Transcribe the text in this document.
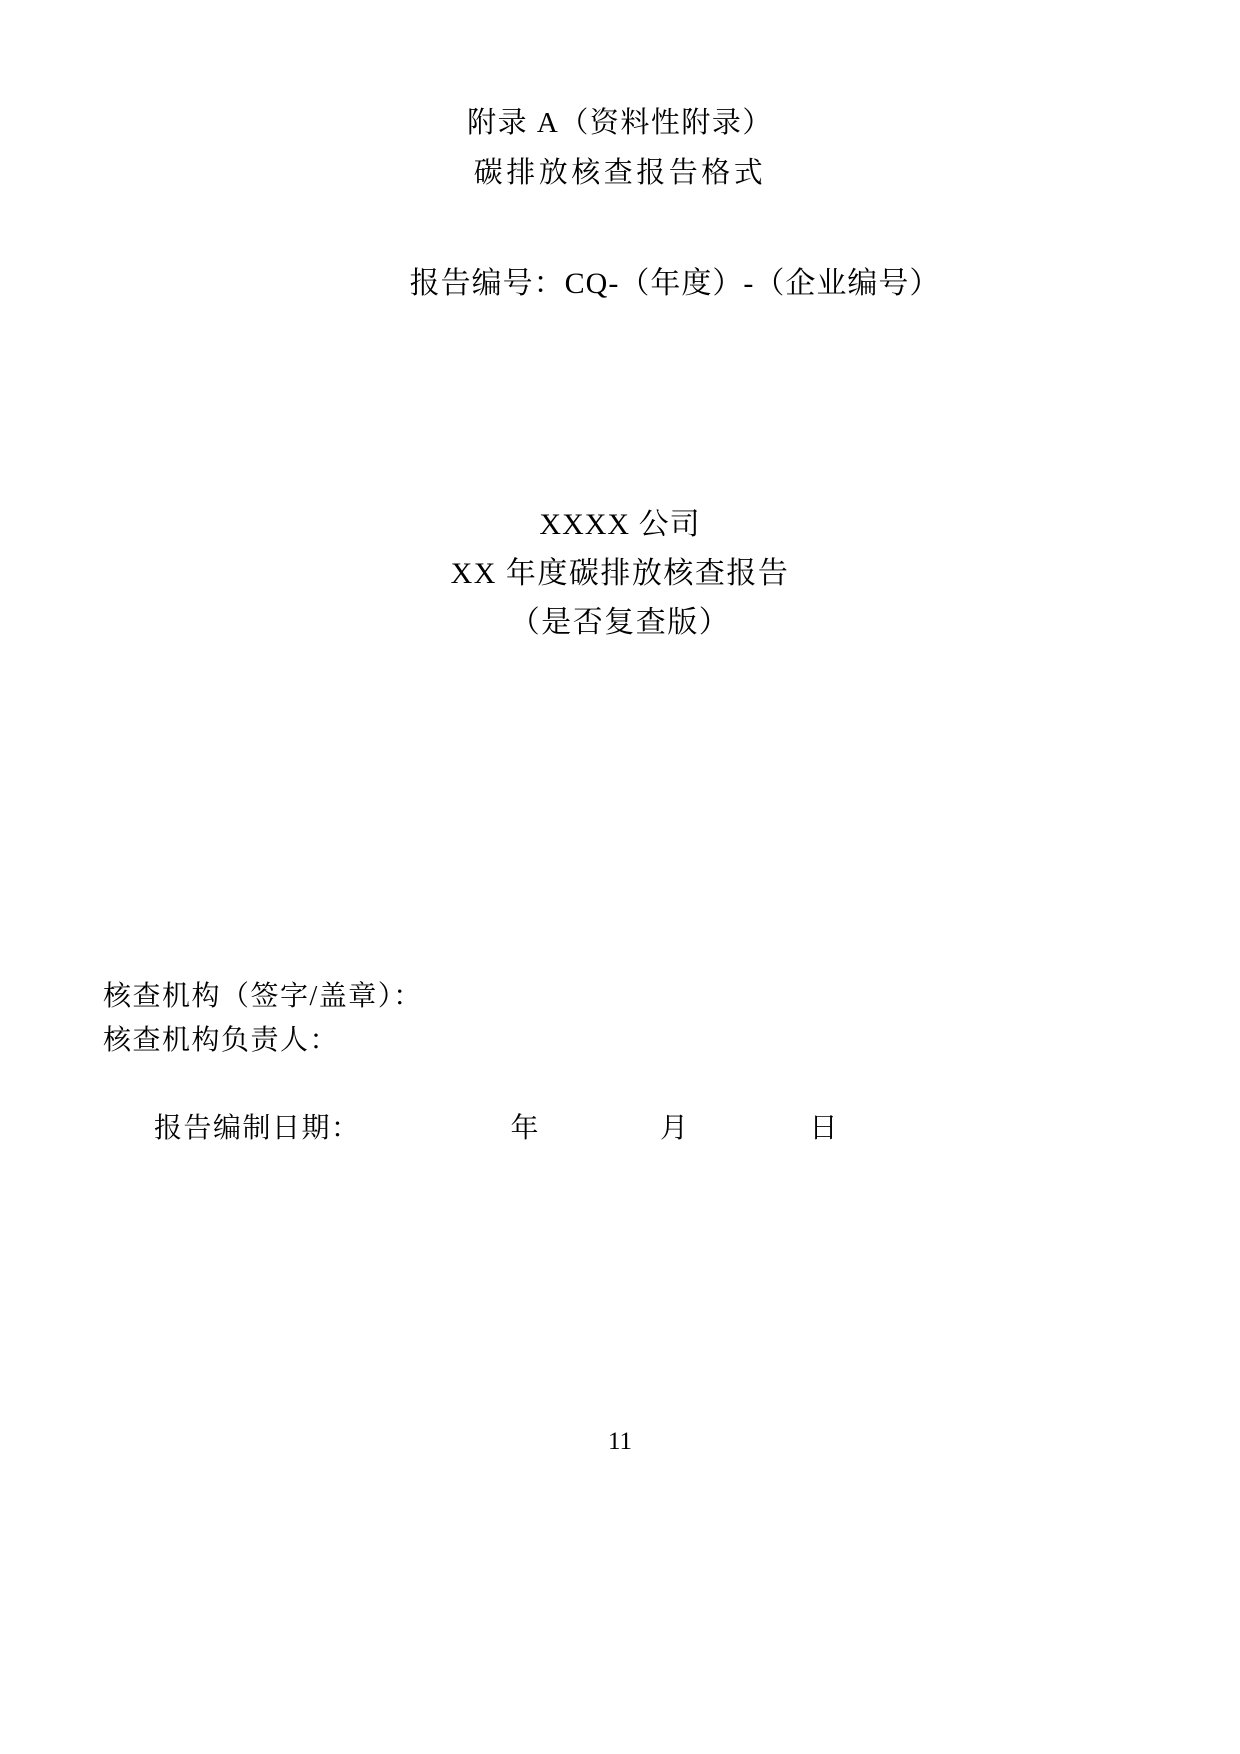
附录 A（资料性附录）
碳排放核查报告格式
报告编号：CQ-（年度）-（企业编号）
XXXX 公司
XX 年度碳排放核查报告
（是否复查版）
核查机构（签字/盖章）：
核查机构负责人：

报告编制日期：	年	月	日

11
